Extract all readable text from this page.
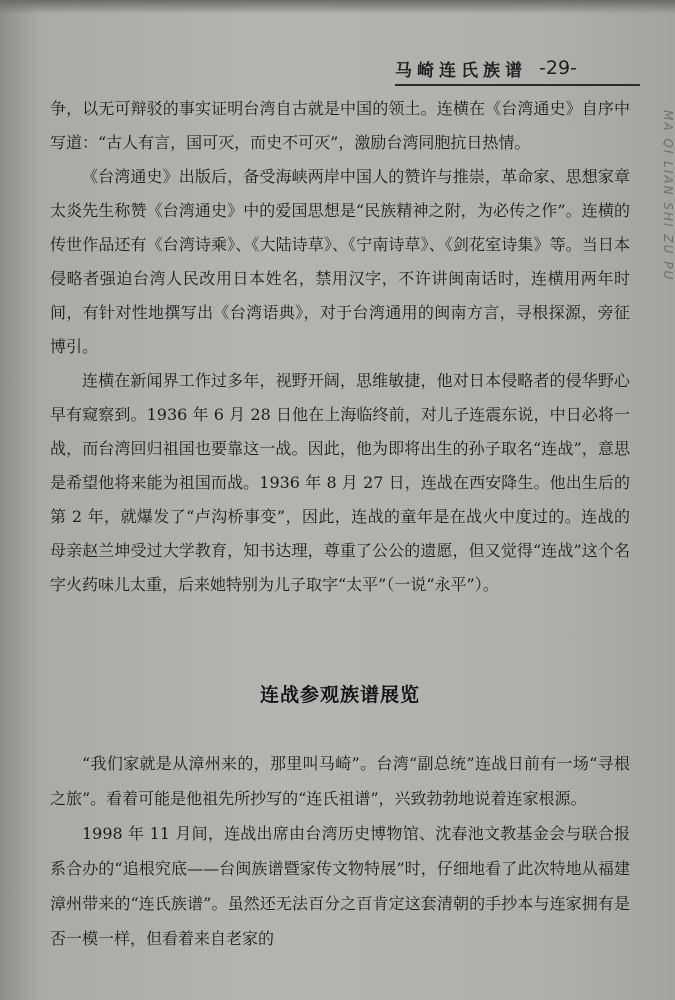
马崎连氏族谱 -29-
MA QI LIAN SHI ZU PU

争，以无可辩驳的事实证明台湾自古就是中国的领土。连横在《台湾通史》自序中写道：“古人有言，国可灭，而史不可灭”，激励台湾同胞抗日热情。

《台湾通史》出版后，备受海峡两岸中国人的赞许与推崇，革命家、思想家章太炎先生称赞《台湾通史》中的爱国思想是“民族精神之附，为必传之作”。连横的传世作品还有《台湾诗乘》、《大陆诗草》、《宁南诗草》、《剑花室诗集》等。当日本侵略者强迫台湾人民改用日本姓名，禁用汉字，不许讲闽南话时，连横用两年时间，有针对性地撰写出《台湾语典》，对于台湾通用的闽南方言，寻根探源，旁征博引。

连横在新闻界工作过多年，视野开阔，思维敏捷，他对日本侵略者的侵华野心早有窥察到。1936 年 6 月 28 日他在上海临终前，对儿子连震东说，中日必将一战，而台湾回归祖国也要靠这一战。因此，他为即将出生的孙子取名“连战”，意思是希望他将来能为祖国而战。1936 年 8 月 27 日，连战在西安降生。他出生后的第 2 年，就爆发了“卢沟桥事变”，因此，连战的童年是在战火中度过的。连战的母亲赵兰坤受过大学教育，知书达理，尊重了公公的遗愿，但又觉得“连战”这个名字火药味儿太重，后来她特别为儿子取字“太平”（一说“永平”）。

连战参观族谱展览

“我们家就是从漳州来的，那里叫马崎”。台湾“副总统”连战日前有一场“寻根之旅”。看着可能是他祖先所抄写的“连氏祖谱”，兴致勃勃地说着连家根源。

1998 年 11 月间，连战出席由台湾历史博物馆、沈春池文教基金会与联合报系合办的“追根究底——台闽族谱暨家传文物特展”时，仔细地看了此次特地从福建漳州带来的“连氏族谱”。虽然还无法百分之百肯定这套清朝的手抄本与连家拥有是否一模一样，但看着来自老家的
